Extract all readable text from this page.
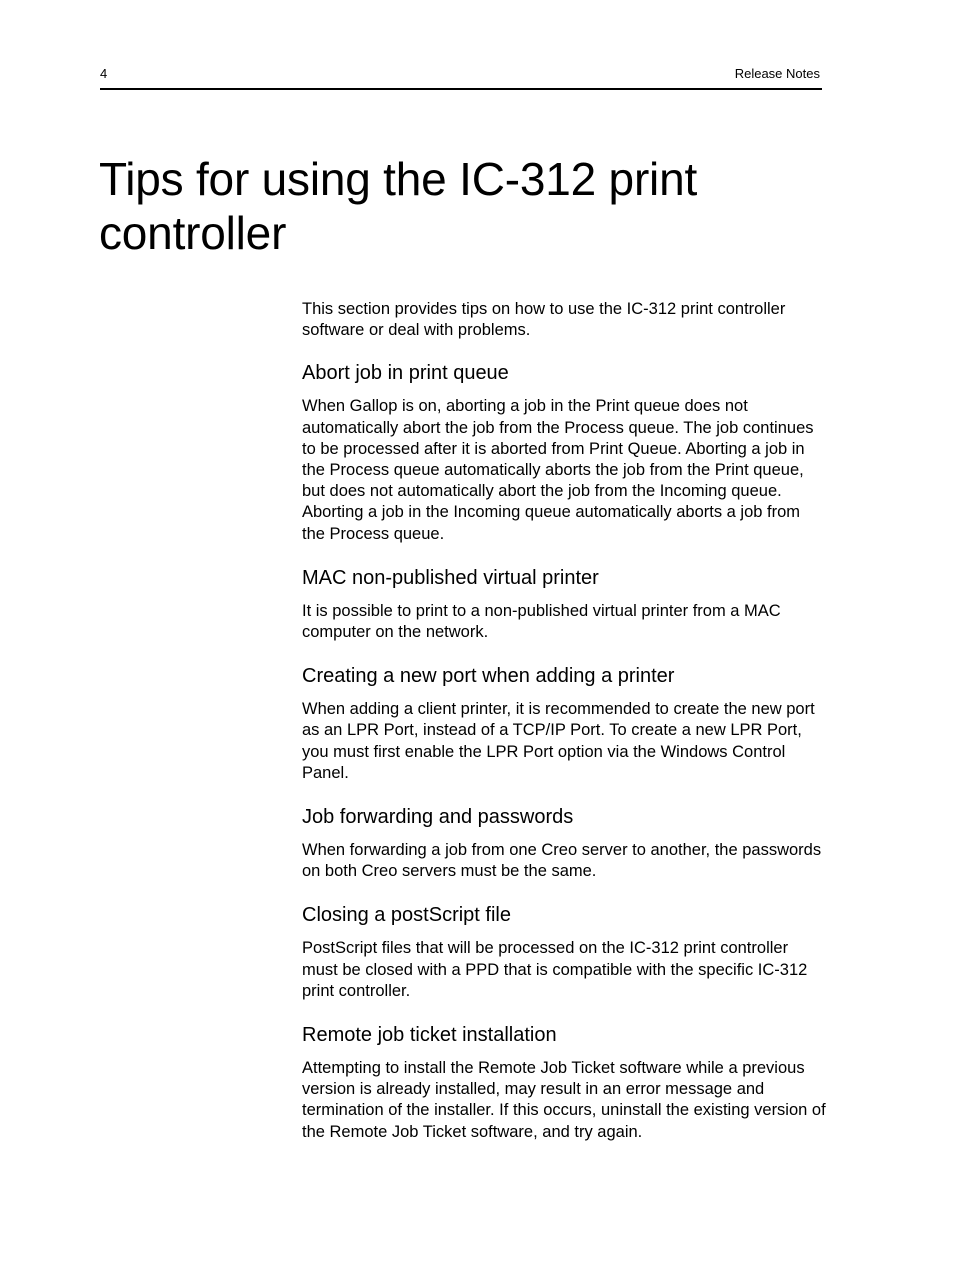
4	Release Notes
Tips for using the IC-312 print controller

This section provides tips on how to use the IC-312 print controller software or deal with problems.

Abort job in print queue

When Gallop is on, aborting a job in the Print queue does not automatically abort the job from the Process queue. The job continues to be processed after it is aborted from Print Queue. Aborting a job in the Process queue automatically aborts the job from the Print queue, but does not automatically abort the job from the Incoming queue. Aborting a job in the Incoming queue automatically aborts a job from the Process queue.

MAC non-published virtual printer

It is possible to print to a non-published virtual printer from a MAC computer on the network.

Creating a new port when adding a printer

When adding a client printer, it is recommended to create the new port as an LPR Port, instead of a TCP/IP Port. To create a new LPR Port, you must first enable the LPR Port option via the Windows Control Panel.

Job forwarding and passwords

When forwarding a job from one Creo server to another, the passwords on both Creo servers must be the same.

Closing a postScript file

PostScript files that will be processed on the IC-312 print controller must be closed with a PPD that is compatible with the specific IC-312 print controller.

Remote job ticket installation

Attempting to install the Remote Job Ticket software while a previous version is already installed, may result in an error message and termination of the installer. If this occurs, uninstall the existing version of the Remote Job Ticket software, and try again.
